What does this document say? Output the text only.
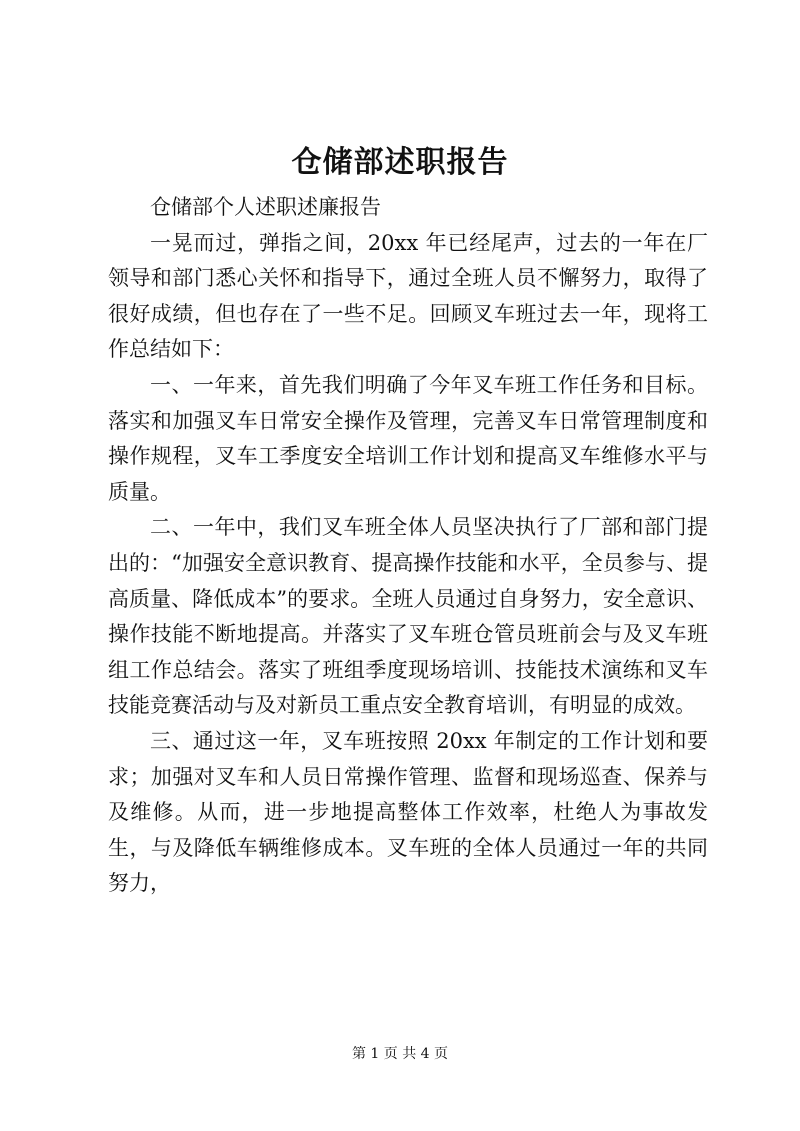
仓储部述职报告

仓储部个人述职述廉报告

一晃而过，弹指之间，20xx 年已经尾声，过去的一年在厂领导和部门悉心关怀和指导下，通过全班人员不懈努力，取得了很好成绩，但也存在了一些不足。回顾叉车班过去一年，现将工作总结如下：

一、一年来，首先我们明确了今年叉车班工作任务和目标。落实和加强叉车日常安全操作及管理，完善叉车日常管理制度和操作规程，叉车工季度安全培训工作计划和提高叉车维修水平与质量。

二、一年中，我们叉车班全体人员坚决执行了厂部和部门提出的：“加强安全意识教育、提高操作技能和水平，全员参与、提高质量、降低成本”的要求。全班人员通过自身努力，安全意识、操作技能不断地提高。并落实了叉车班仓管员班前会与及叉车班组工作总结会。落实了班组季度现场培训、技能技术演练和叉车技能竞赛活动与及对新员工重点安全教育培训，有明显的成效。

三、通过这一年，叉车班按照 20xx 年制定的工作计划和要求；加强对叉车和人员日常操作管理、监督和现场巡查、保养与及维修。从而，进一步地提高整体工作效率，杜绝人为事故发生，与及降低车辆维修成本。叉车班的全体人员通过一年的共同努力，

第 1 页 共 4 页
